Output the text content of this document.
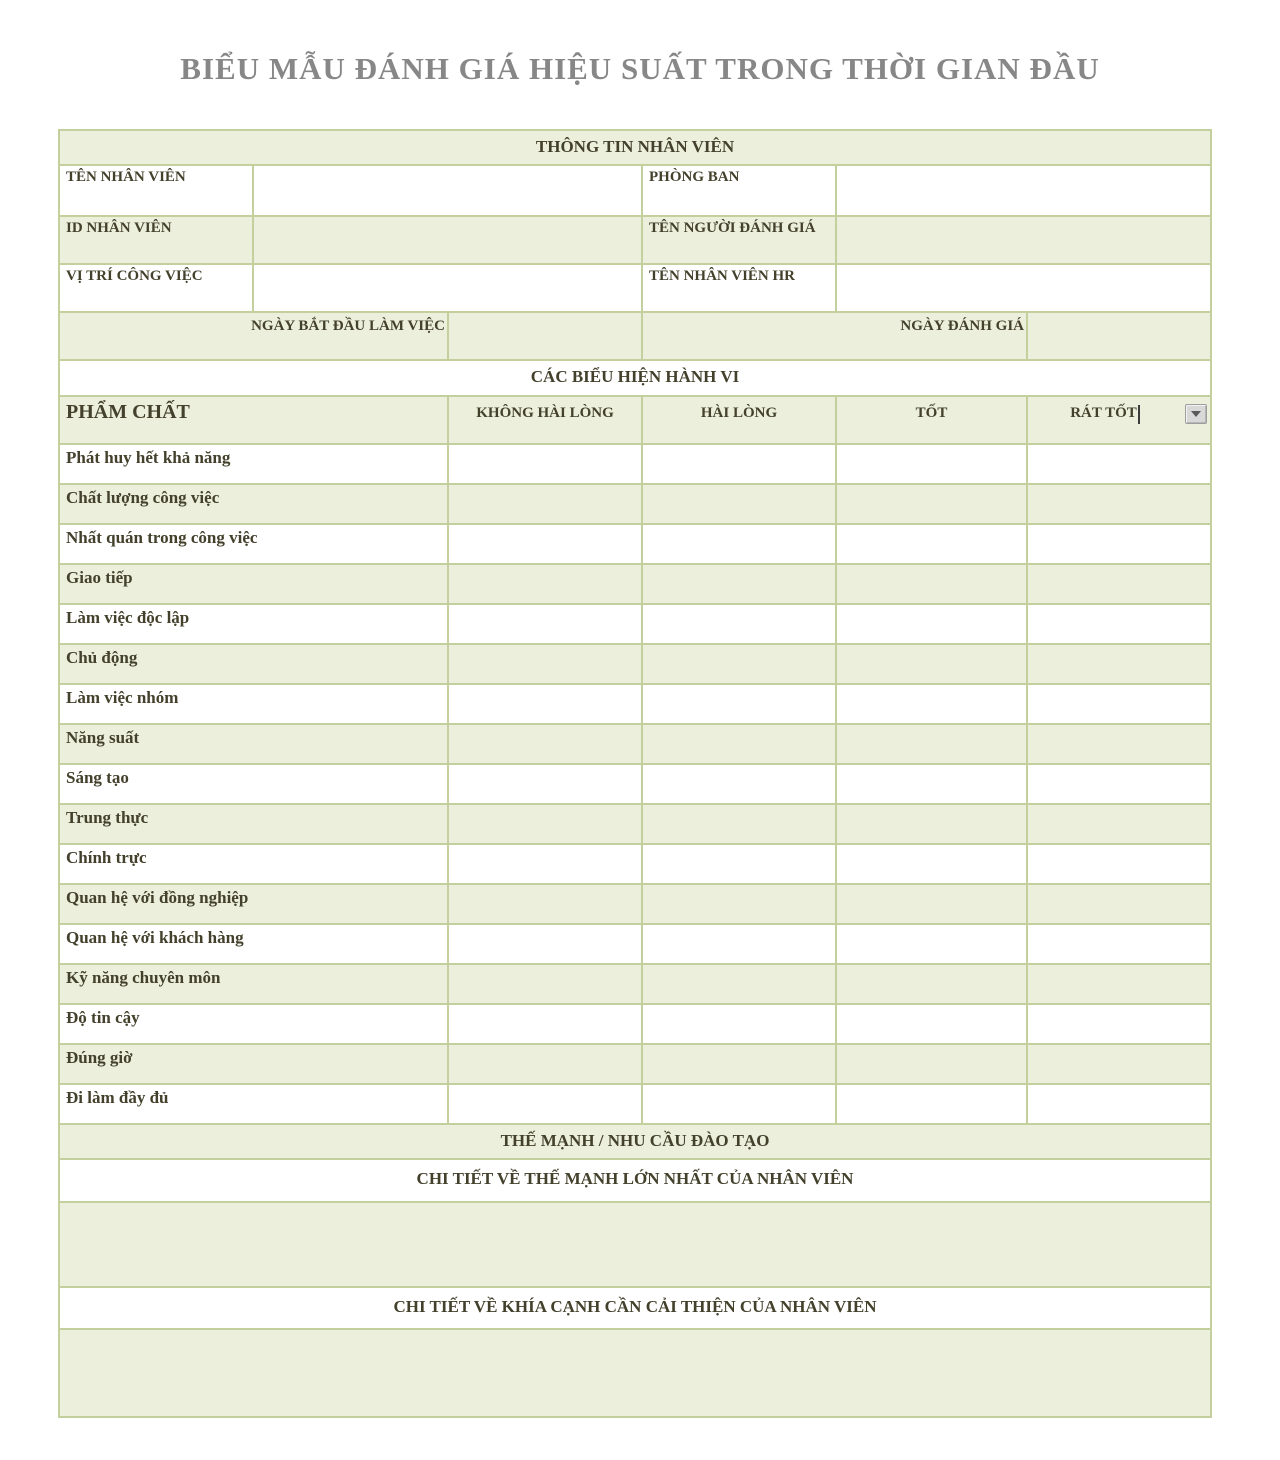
BIỂU MẪU ĐÁNH GIÁ HIỆU SUẤT TRONG THỜI GIAN ĐẦU
THÔNG TIN NHÂN VIÊN
TÊN NHÂN VIÊN	PHÒNG BAN
ID NHÂN VIÊN	TÊN NGƯỜI ĐÁNH GIÁ
VỊ TRÍ CÔNG VIỆC	TÊN NHÂN VIÊN HR
NGÀY BẮT ĐẦU LÀM VIỆC	NGÀY ĐÁNH GIÁ
CÁC BIỂU HIỆN HÀNH VI
PHẨM CHẤT	KHÔNG HÀI LÒNG	HÀI LÒNG	TỐT	RÁT TỐT
Phát huy hết khả năng
Chất lượng công việc
Nhất quán trong công việc
Giao tiếp
Làm việc độc lập
Chủ động
Làm việc nhóm
Năng suất
Sáng tạo
Trung thực
Chính trực
Quan hệ với đồng nghiệp
Quan hệ với khách hàng
Kỹ năng chuyên môn
Độ tin cậy
Đúng giờ
Đi làm đầy đủ
THẾ MẠNH / NHU CẦU ĐÀO TẠO
CHI TIẾT VỀ THẾ MẠNH LỚN NHẤT CỦA NHÂN VIÊN
CHI TIẾT VỀ KHÍA CẠNH CẦN CẢI THIỆN CỦA NHÂN VIÊN
